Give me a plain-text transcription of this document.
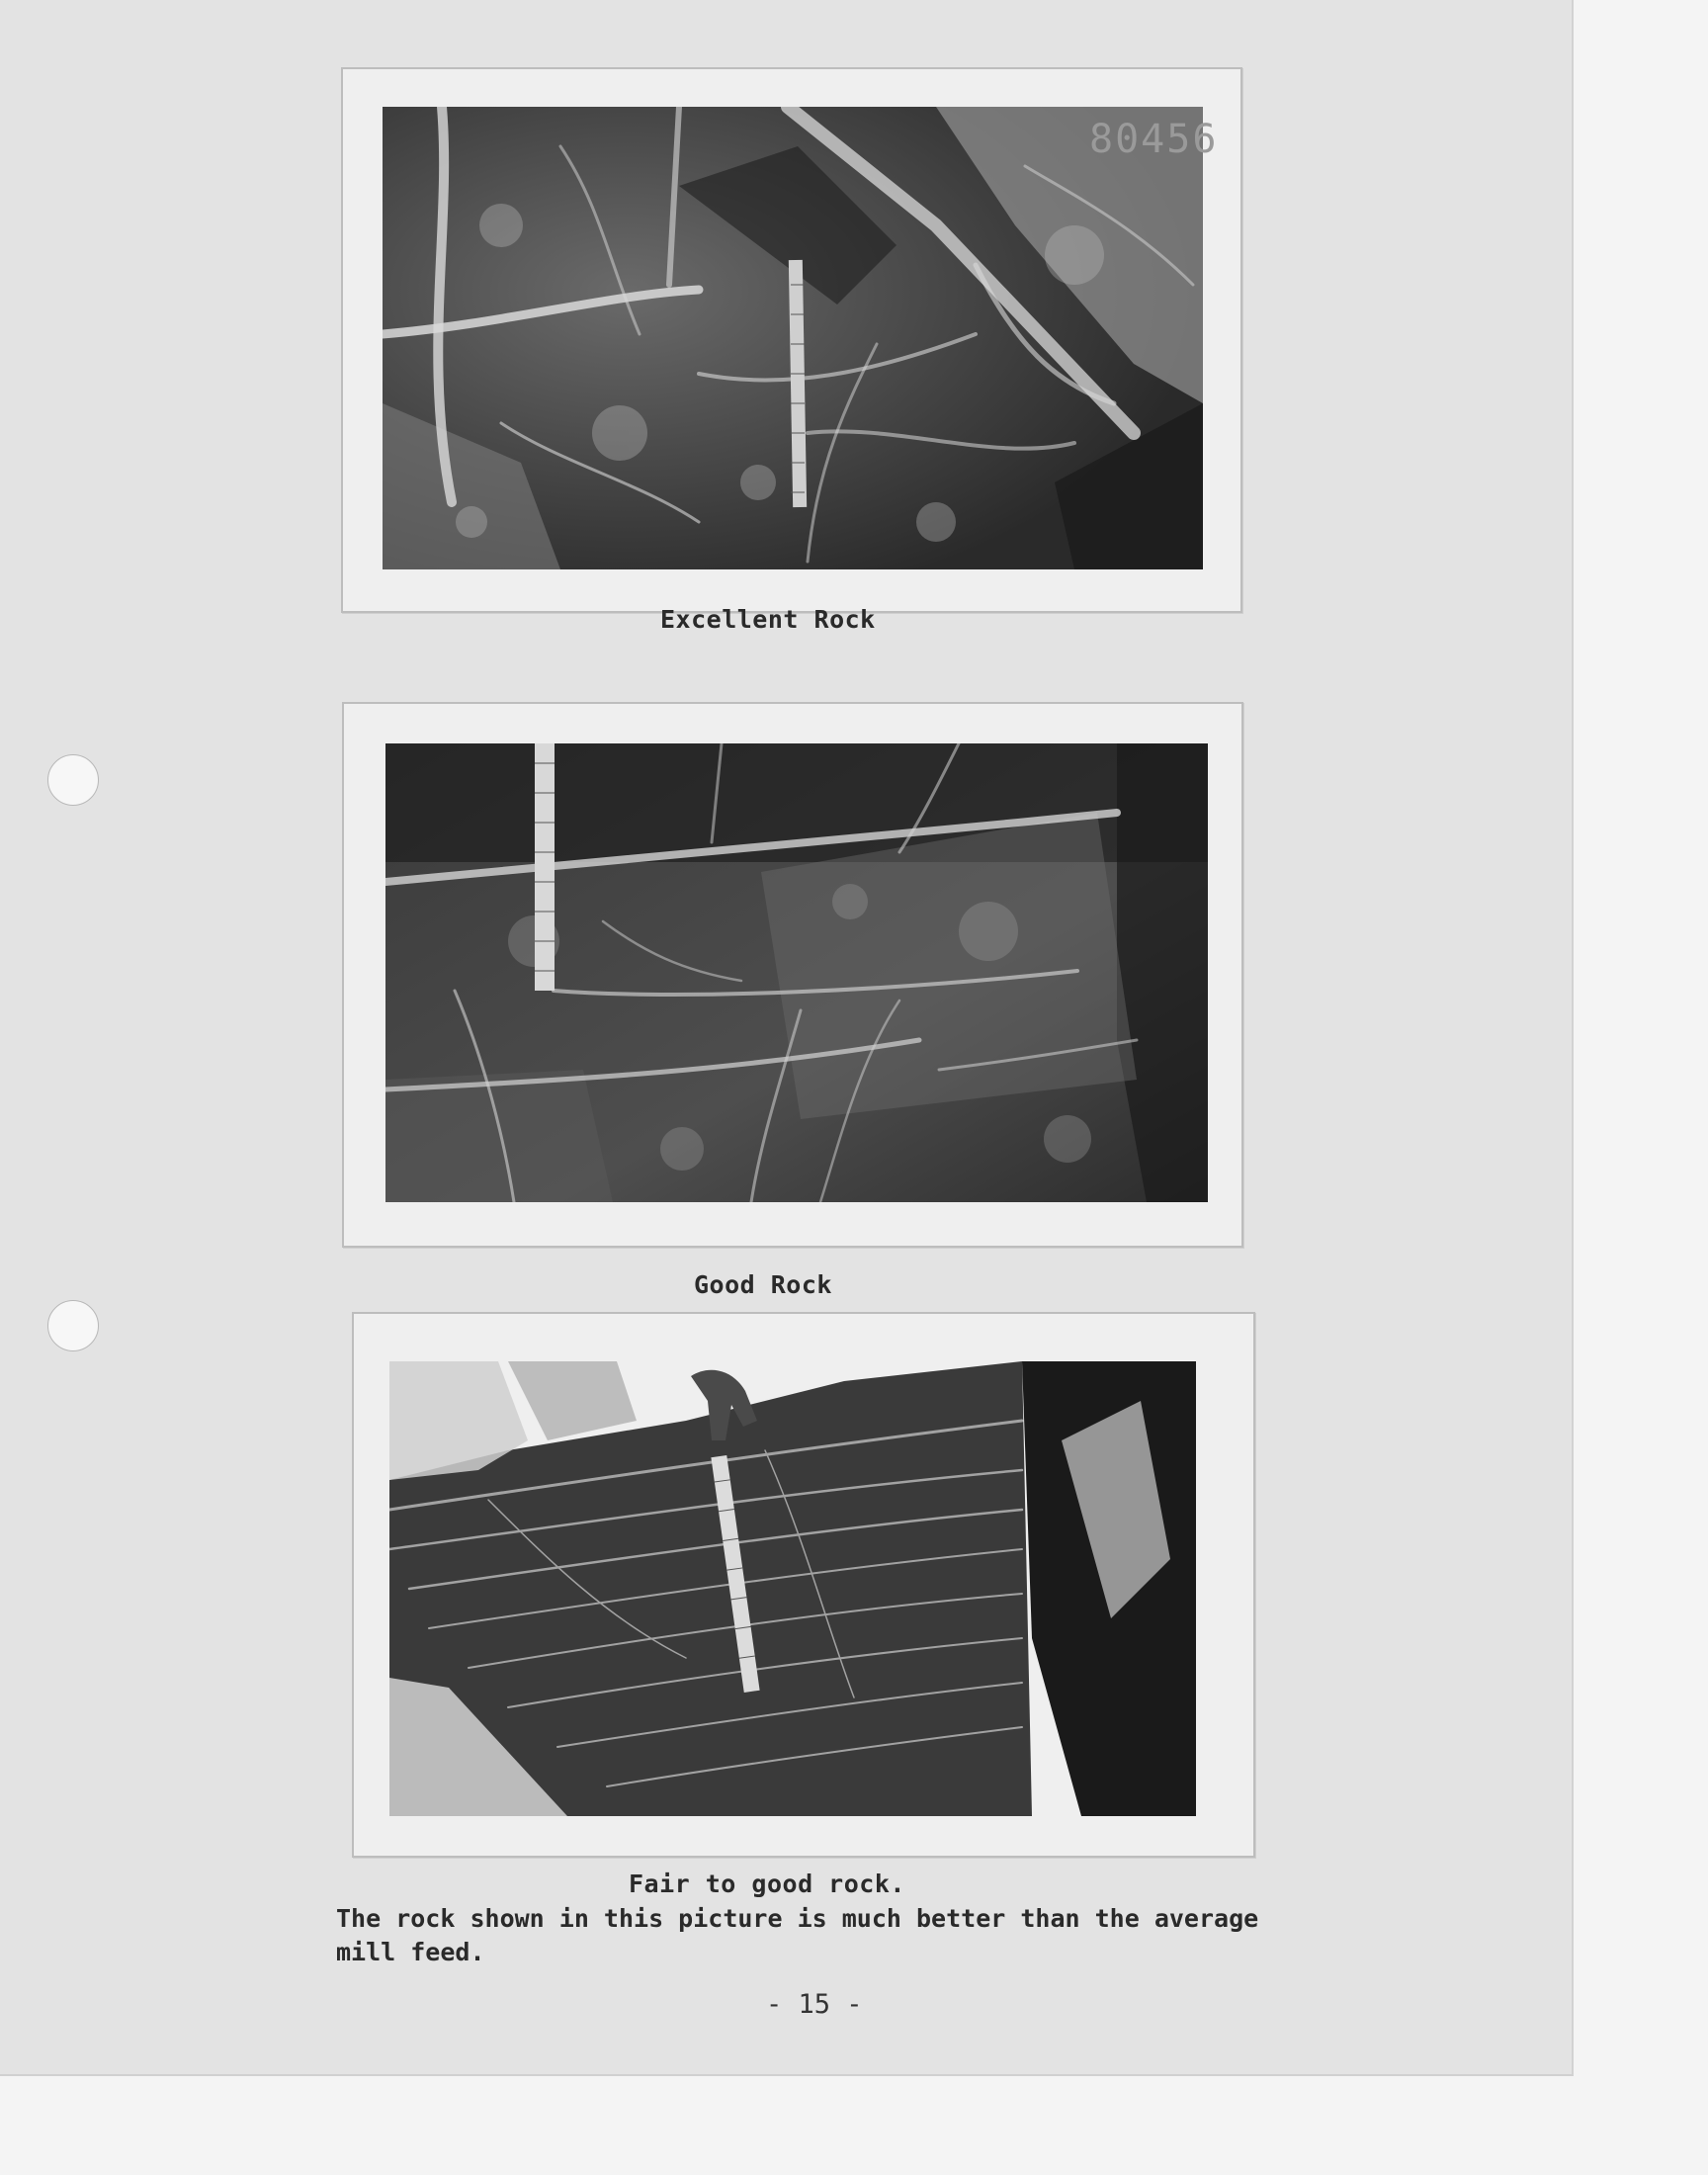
80456

Excellent Rock

Good Rock

Fair to good rock.

The rock shown in this picture is much better than the average

mill feed.

- 15 -
